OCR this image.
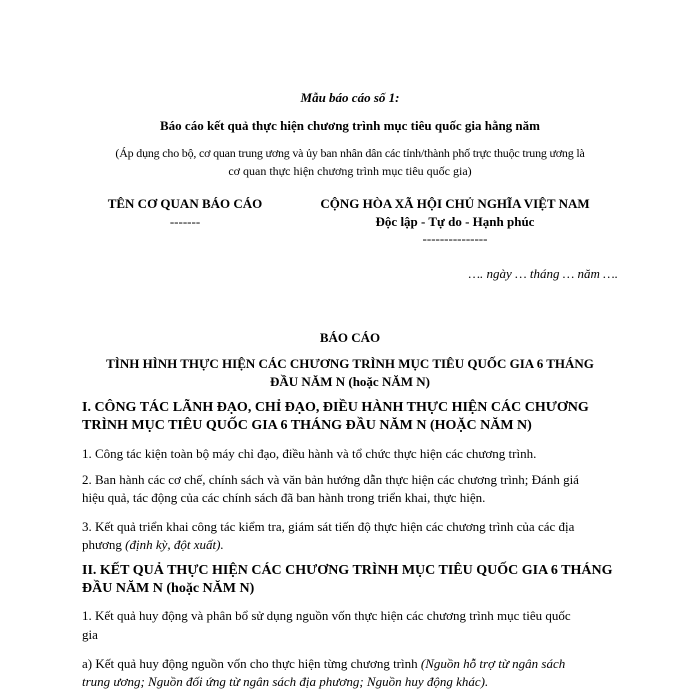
Mẫu báo cáo số 1:
Báo cáo kết quả thực hiện chương trình mục tiêu quốc gia hằng năm
(Áp dụng cho bộ, cơ quan trung ương và ủy ban nhân dân các tỉnh/thành phố trực thuộc trung ương là
cơ quan thực hiện chương trình mục tiêu quốc gia)
TÊN CƠ QUAN BÁO CÁO
-------
CỘNG HÒA XÃ HỘI CHỦ NGHĨA VIỆT NAM
Độc lập - Tự do - Hạnh phúc
---------------
…. ngày … tháng … năm ….
BÁO CÁO
TÌNH HÌNH THỰC HIỆN CÁC CHƯƠNG TRÌNH MỤC TIÊU QUỐC GIA 6 THÁNG
ĐẦU NĂM N (hoặc NĂM N)
I. CÔNG TÁC LÃNH ĐẠO, CHỈ ĐẠO, ĐIỀU HÀNH THỰC HIỆN CÁC CHƯƠNG
TRÌNH MỤC TIÊU QUỐC GIA 6 THÁNG ĐẦU NĂM N (HOẶC NĂM N)
1. Công tác kiện toàn bộ máy chỉ đạo, điều hành và tổ chức thực hiện các chương trình.
2. Ban hành các cơ chế, chính sách và văn bản hướng dẫn thực hiện các chương trình; Đánh giá
hiệu quả, tác động của các chính sách đã ban hành trong triển khai, thực hiện.
3. Kết quả triển khai công tác kiểm tra, giám sát tiến độ thực hiện các chương trình của các địa
phương (định kỳ, đột xuất).
II. KẾT QUẢ THỰC HIỆN CÁC CHƯƠNG TRÌNH MỤC TIÊU QUỐC GIA 6 THÁNG
ĐẦU NĂM N (hoặc NĂM N)
1. Kết quả huy động và phân bổ sử dụng nguồn vốn thực hiện các chương trình mục tiêu quốc
gia
a) Kết quả huy động nguồn vốn cho thực hiện từng chương trình (Nguồn hỗ trợ từ ngân sách
trung ương; Nguồn đối ứng từ ngân sách địa phương; Nguồn huy động khác).
